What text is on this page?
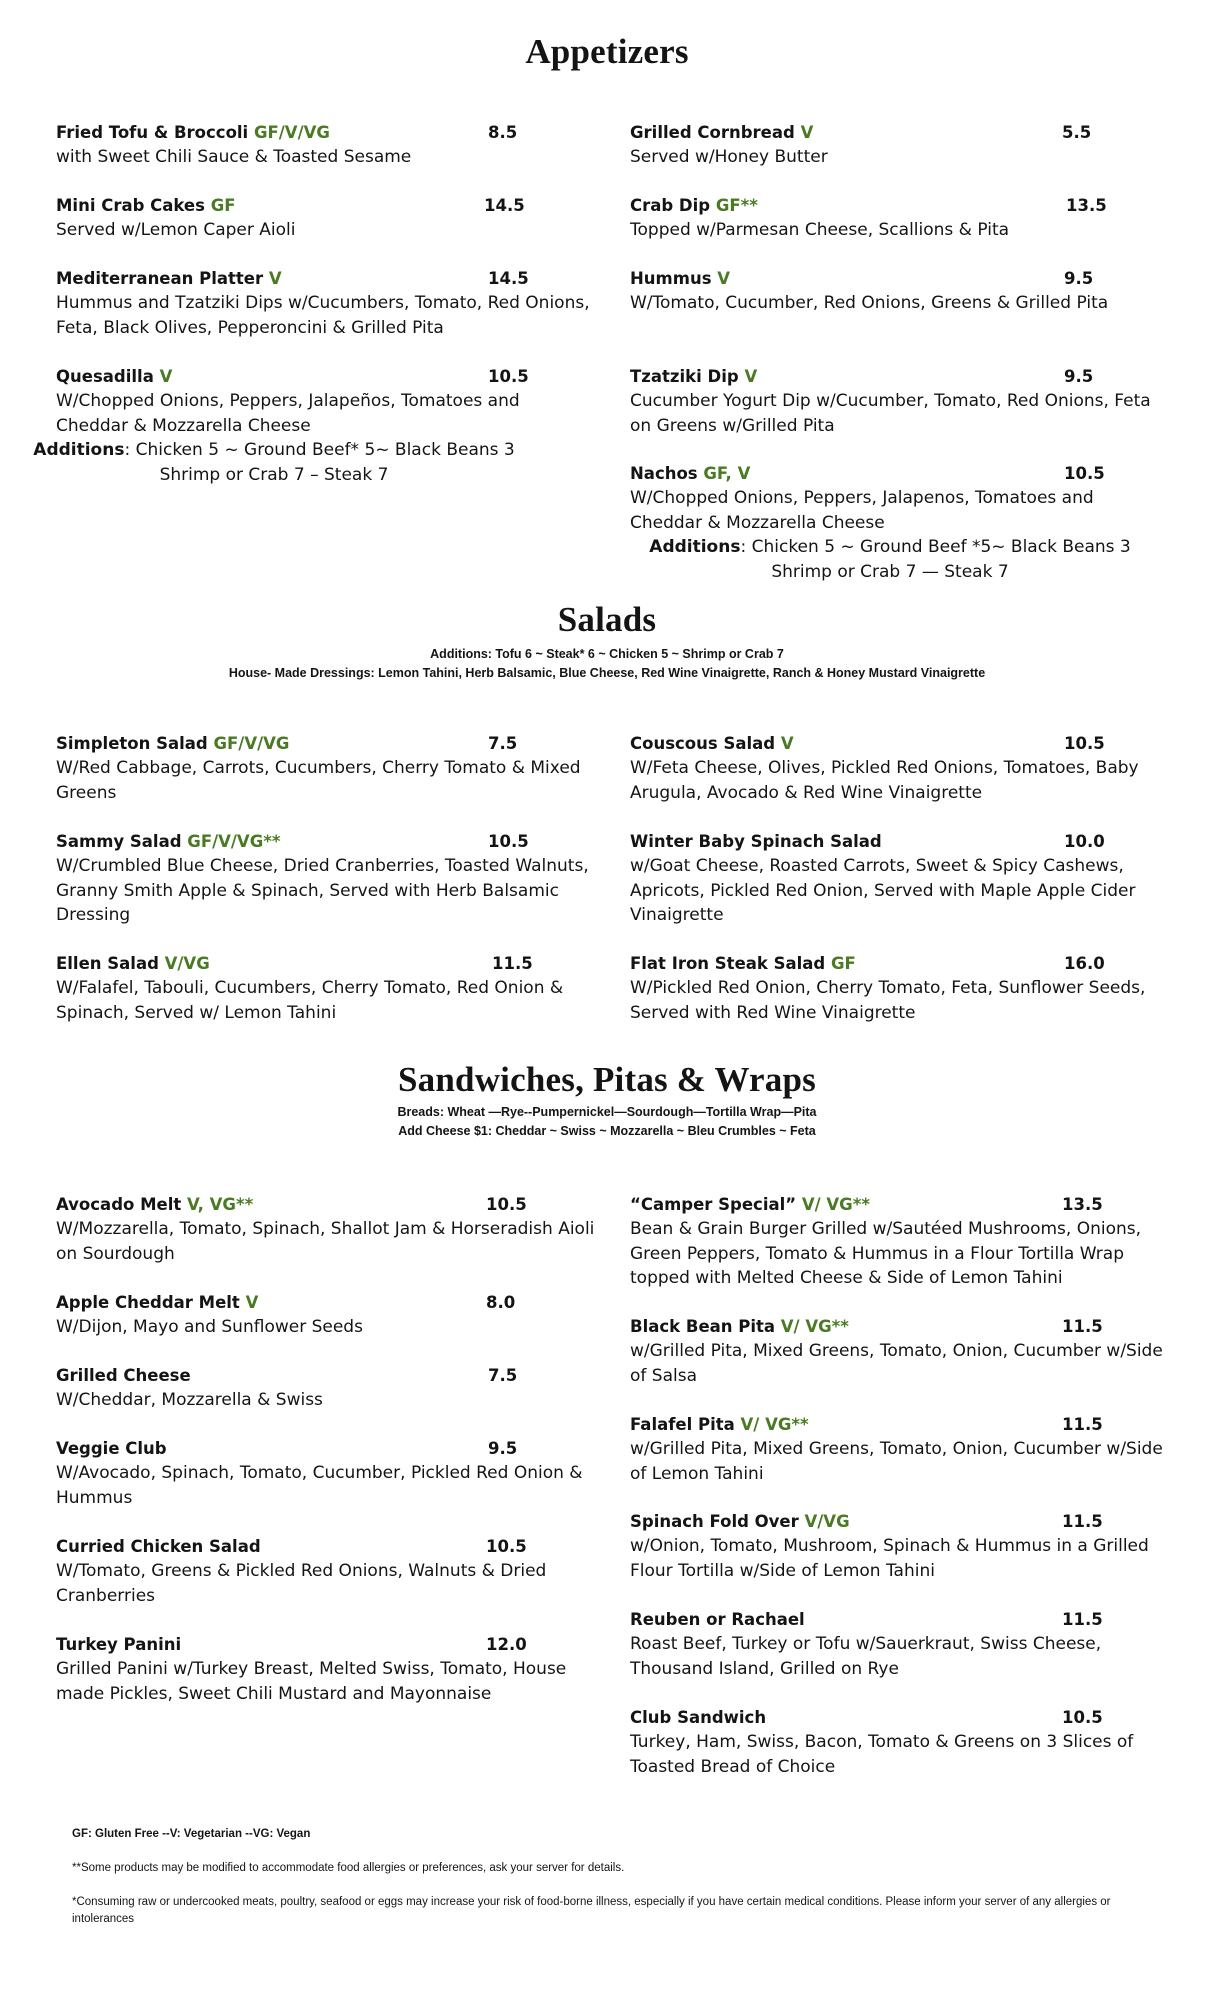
Appetizers
Fried Tofu & Broccoli GF/V/VG	8.5
with Sweet Chili Sauce & Toasted Sesame
Mini Crab Cakes GF	14.5
Served w/Lemon Caper Aioli
Mediterranean Platter V	14.5
Hummus and Tzatziki Dips w/Cucumbers, Tomato, Red Onions, Feta, Black Olives, Pepperoncini & Grilled Pita
Quesadilla V	10.5
W/Chopped Onions, Peppers, Jalapeños, Tomatoes and Cheddar & Mozzarella Cheese
Additions: Chicken 5 ~ Ground Beef* 5~ Black Beans 3
Shrimp or Crab 7 – Steak 7
Grilled Cornbread V	5.5
Served w/Honey Butter
Crab Dip GF**	13.5
Topped w/Parmesan Cheese, Scallions & Pita
Hummus V	9.5
W/Tomato, Cucumber, Red Onions, Greens & Grilled Pita
Tzatziki Dip V	9.5
Cucumber Yogurt Dip w/Cucumber, Tomato, Red Onions, Feta on Greens w/Grilled Pita
Nachos GF, V	10.5
W/Chopped Onions, Peppers, Jalapenos, Tomatoes and Cheddar & Mozzarella Cheese
Additions: Chicken 5 ~ Ground Beef *5~ Black Beans 3
Shrimp or Crab 7 — Steak 7
Salads
Additions: Tofu 6 ~ Steak* 6 ~ Chicken 5 ~ Shrimp or Crab 7
House- Made Dressings: Lemon Tahini, Herb Balsamic, Blue Cheese, Red Wine Vinaigrette, Ranch & Honey Mustard Vinaigrette
Simpleton Salad GF/V/VG	7.5
W/Red Cabbage, Carrots, Cucumbers, Cherry Tomato & Mixed Greens
Sammy Salad GF/V/VG**	10.5
W/Crumbled Blue Cheese, Dried Cranberries, Toasted Walnuts, Granny Smith Apple & Spinach, Served with Herb Balsamic Dressing
Ellen Salad V/VG	11.5
W/Falafel, Tabouli, Cucumbers, Cherry Tomato, Red Onion & Spinach, Served w/ Lemon Tahini
Couscous Salad V	10.5
W/Feta Cheese, Olives, Pickled Red Onions, Tomatoes, Baby Arugula, Avocado & Red Wine Vinaigrette
Winter Baby Spinach Salad	10.0
w/Goat Cheese, Roasted Carrots, Sweet & Spicy Cashews, Apricots, Pickled Red Onion, Served with Maple Apple Cider Vinaigrette
Flat Iron Steak Salad GF	16.0
W/Pickled Red Onion, Cherry Tomato, Feta, Sunflower Seeds, Served with Red Wine Vinaigrette
Sandwiches, Pitas & Wraps
Breads: Wheat —Rye--Pumpernickel—Sourdough—Tortilla Wrap—Pita
Add Cheese $1: Cheddar ~ Swiss ~ Mozzarella ~ Bleu Crumbles ~ Feta
Avocado Melt V, VG**	10.5
W/Mozzarella, Tomato, Spinach, Shallot Jam & Horseradish Aioli on Sourdough
Apple Cheddar Melt V	8.0
W/Dijon, Mayo and Sunflower Seeds
Grilled Cheese	7.5
W/Cheddar, Mozzarella & Swiss
Veggie Club	9.5
W/Avocado, Spinach, Tomato, Cucumber, Pickled Red Onion & Hummus
Curried Chicken Salad	10.5
W/Tomato, Greens & Pickled Red Onions, Walnuts & Dried Cranberries
Turkey Panini	12.0
Grilled Panini w/Turkey Breast, Melted Swiss, Tomato, House made Pickles, Sweet Chili Mustard and Mayonnaise
“Camper Special” V/ VG**	13.5
Bean & Grain Burger Grilled w/Sautéed Mushrooms, Onions, Green Peppers, Tomato & Hummus in a Flour Tortilla Wrap topped with Melted Cheese & Side of Lemon Tahini
Black Bean Pita V/ VG**	11.5
w/Grilled Pita, Mixed Greens, Tomato, Onion, Cucumber w/Side of Salsa
Falafel Pita V/ VG**	11.5
w/Grilled Pita, Mixed Greens, Tomato, Onion, Cucumber w/Side of Lemon Tahini
Spinach Fold Over V/VG	11.5
w/Onion, Tomato, Mushroom, Spinach & Hummus in a Grilled Flour Tortilla w/Side of Lemon Tahini
Reuben or Rachael	11.5
Roast Beef, Turkey or Tofu w/Sauerkraut, Swiss Cheese, Thousand Island, Grilled on Rye
Club Sandwich	10.5
Turkey, Ham, Swiss, Bacon, Tomato & Greens on 3 Slices of Toasted Bread of Choice
GF: Gluten Free --V: Vegetarian --VG: Vegan
**Some products may be modified to accommodate food allergies or preferences, ask your server for details.
*Consuming raw or undercooked meats, poultry, seafood or eggs may increase your risk of food-borne illness, especially if you have certain medical conditions. Please inform your server of any allergies or intolerances
